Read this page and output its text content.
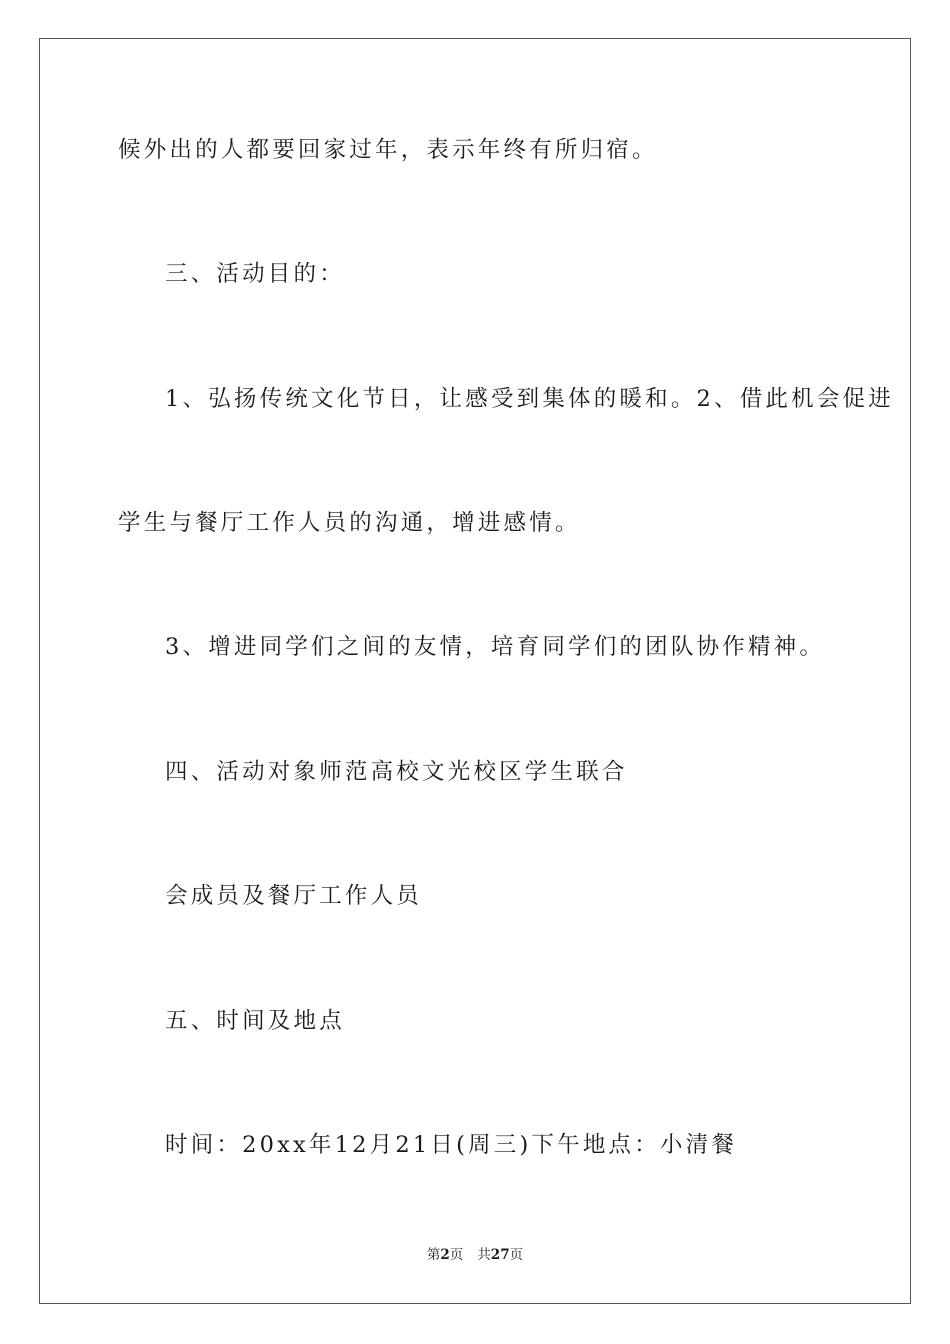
候外出的人都要回家过年，表示年终有所归宿。
三、活动目的：
1、弘扬传统文化节日，让感受到集体的暖和。2、借此机会促进
学生与餐厅工作人员的沟通，增进感情。
3、增进同学们之间的友情，培育同学们的团队协作精神。
四、活动对象师范高校文光校区学生联合
会成员及餐厅工作人员
五、时间及地点
时间：20xx年12月21日(周三)下午地点：小清餐
第2页 共27页
